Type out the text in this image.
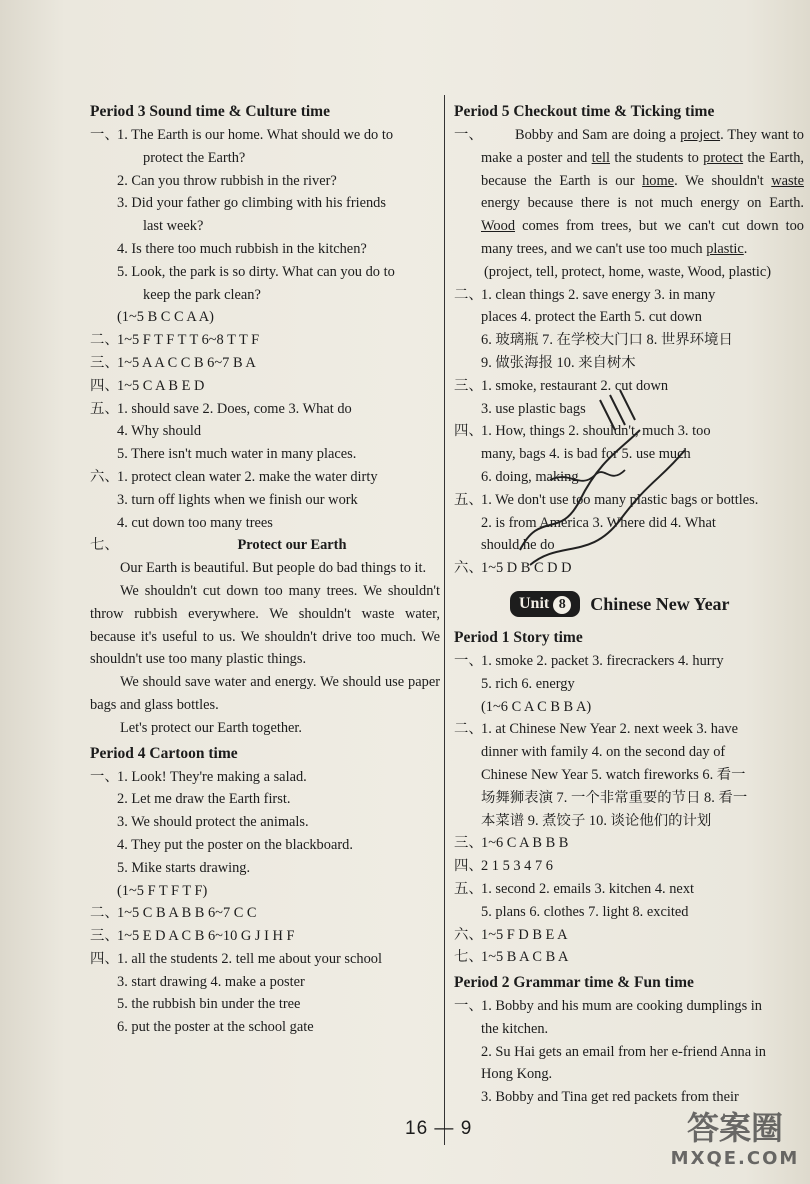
Period 3 Sound time & Culture time
一、
1. The Earth is our home. What should we do to
protect the Earth?
2. Can you throw rubbish in the river?
3. Did your father go climbing with his friends
last week?
4. Is there too much rubbish in the kitchen?
5. Look, the park is so dirty. What can you do to
keep the park clean?
(1~5 B C C A A)
二、
1~5 F T F T T 6~8 T T F
三、
1~5 A A C C B 6~7 B A
四、
1~5 C A B E D
五、
1. should save 2. Does, come 3. What do
4. Why should
5. There isn't much water in many places.
六、
1. protect clean water 2. make the water dirty
3. turn off lights when we finish our work
4. cut down too many trees
七、	Protect our Earth
Our Earth is beautiful. But people do bad things to it.
We shouldn't cut down too many trees. We shouldn't throw rubbish everywhere. We shouldn't waste water, because it's useful to us. We shouldn't drive too much. We shouldn't use too many plastic things.
We should save water and energy. We should use paper bags and glass bottles.
Let's protect our Earth together.
Period 4 Cartoon time
一、
1. Look! They're making a salad.
2. Let me draw the Earth first.
3. We should protect the animals.
4. They put the poster on the blackboard.
5. Mike starts drawing.
(1~5 F T F T F)
二、
1~5 C B A B B 6~7 C C
三、
1~5 E D A C B 6~10 G J I H F
四、
1. all the students 2. tell me about your school
3. start drawing 4. make a poster
5. the rubbish bin under the tree
6. put the poster at the school gate
Period 5 Checkout time & Ticking time
一、	Bobby and Sam are doing a project. They want to make a poster and tell the students to protect the Earth, because the Earth is our home. We shouldn't waste energy because there is not much energy on Earth. Wood comes from trees, but we can't cut down too many trees, and we can't use too much plastic.
(project, tell, protect, home, waste, Wood, plastic)
二、
1. clean things 2. save energy 3. in many
places 4. protect the Earth 5. cut down
6. 玻璃瓶 7. 在学校大门口 8. 世界环境日
9. 做张海报 10. 来自树木
三、
1. smoke, restaurant 2. cut down
3. use plastic bags
四、
1. How, things 2. shouldn't, much 3. too
many, bags 4. is bad for 5. use much
6. doing, making
五、
1. We don't use too many plastic bags or bottles.
2. is from America 3. Where did 4. What
should he do
六、
1~5 D B C D D
Unit 8	Chinese New Year
Period 1 Story time
一、
1. smoke 2. packet 3. firecrackers 4. hurry
5. rich 6. energy
(1~6 C A C B B A)
二、
1. at Chinese New Year 2. next week 3. have
dinner with family 4. on the second day of
Chinese New Year 5. watch fireworks 6. 看一
场舞狮表演 7. 一个非常重要的节日 8. 看一
本菜谱 9. 煮饺子 10. 谈论他们的计划
三、
1~6 C A B B B
四、
2 1 5 3 4 7 6
五、
1. second 2. emails 3. kitchen 4. next
5. plans 6. clothes 7. light 8. excited
六、
1~5 F D B E A
七、
1~5 B A C B A
Period 2 Grammar time & Fun time
一、
1. Bobby and his mum are cooking dumplings in
the kitchen.
2. Su Hai gets an email from her e-friend Anna in
Hong Kong.
3. Bobby and Tina get red packets from their
16 — 9	答案圈
MXQE.COM
